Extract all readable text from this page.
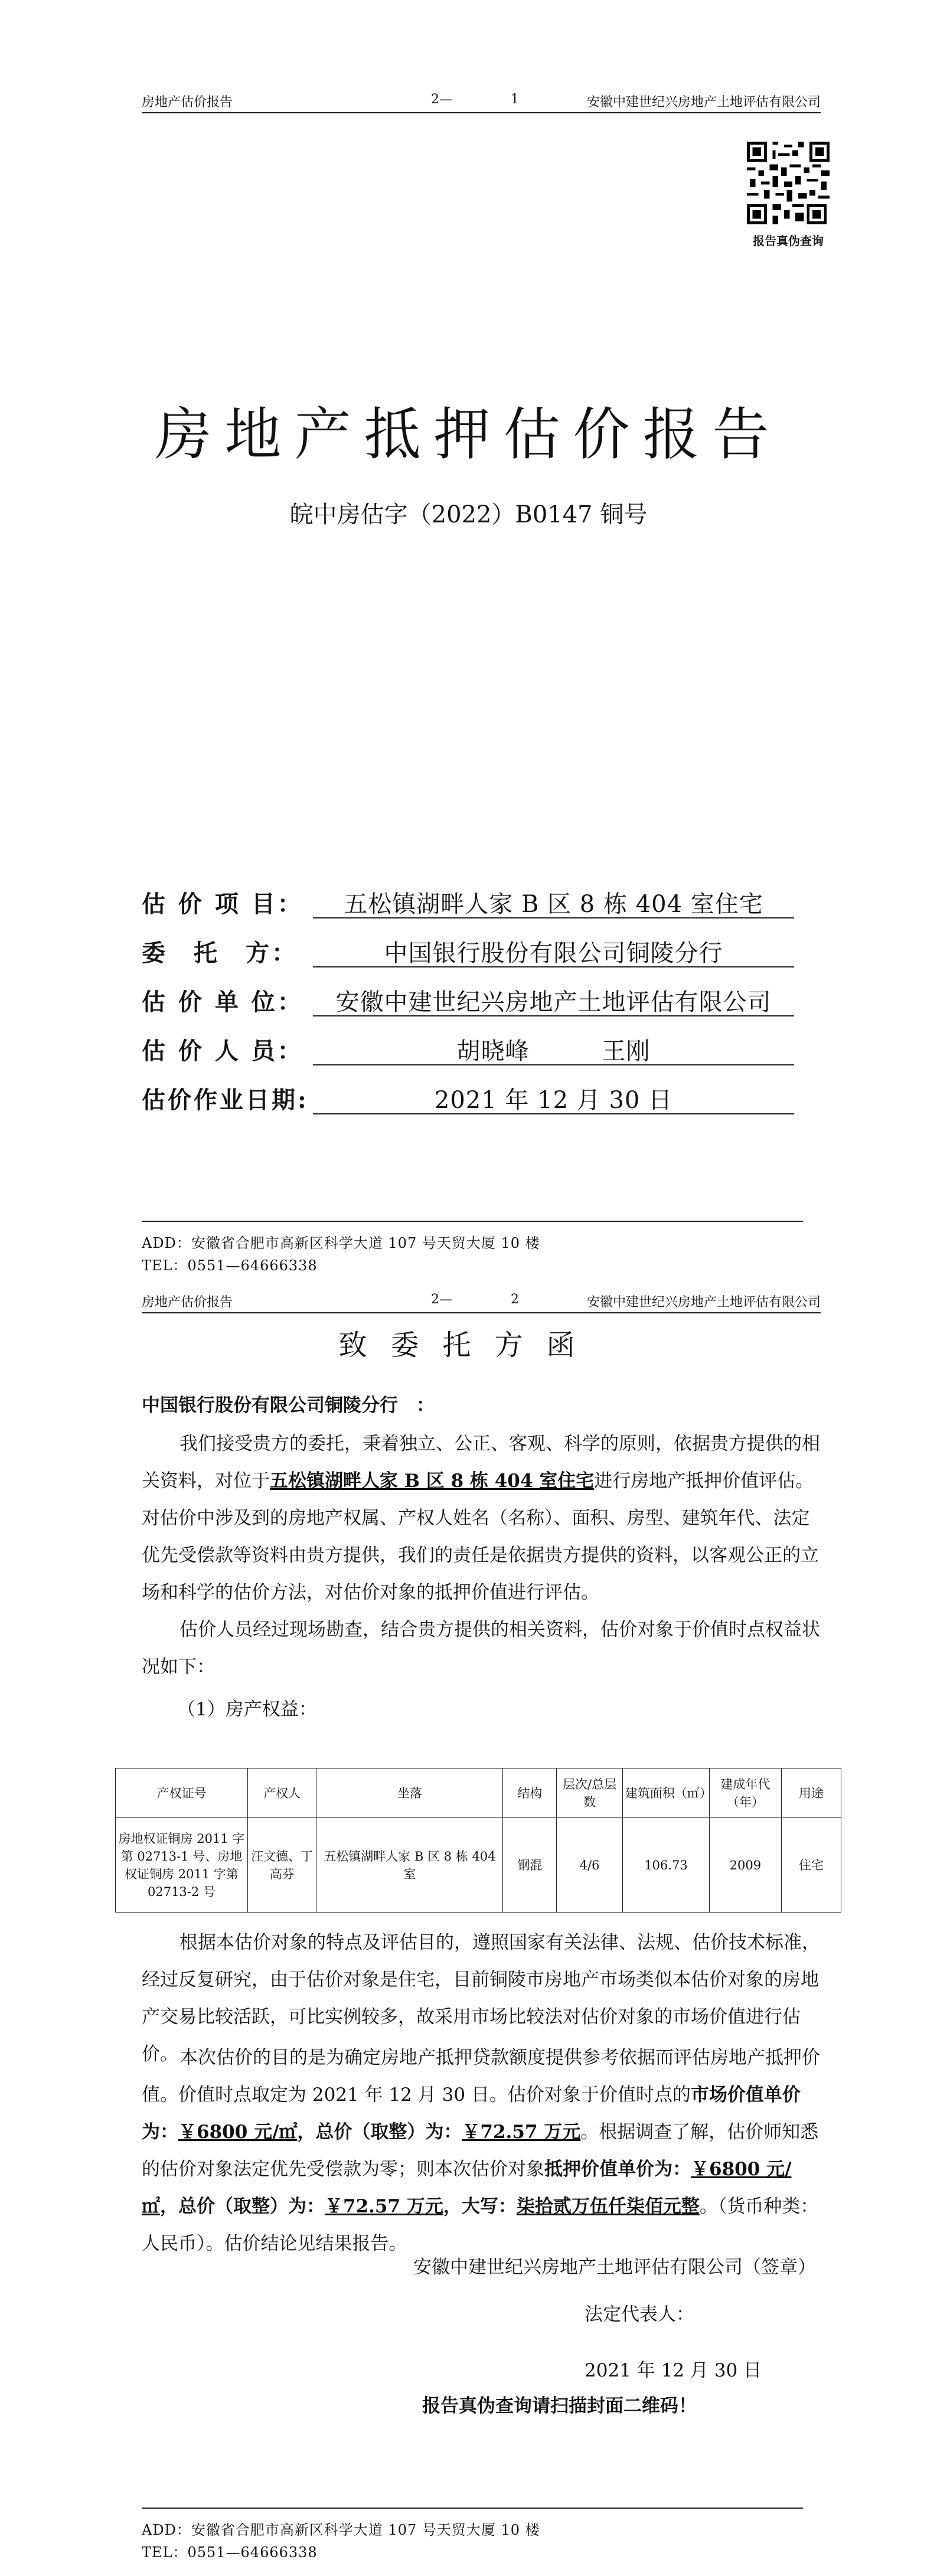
房地产估价报告	2—	1	安徽中建世纪兴房地产土地评估有限公司
报告真伪查询
房地产抵押估价报告
皖中房估字（2022）B0147 铜号
估 价 项 目：	五松镇湖畔人家 B 区 8 栋 404 室住宅
委　托　方：	中国银行股份有限公司铜陵分行
估 价 单 位：	安徽中建世纪兴房地产土地评估有限公司
估 价 人 员：	胡晓峰　　　王刚
估价作业日期:	2021 年 12 月 30 日
ADD：安徽省合肥市高新区科学大道 107 号天贸大厦 10 楼
TEL：0551—64666338
房地产估价报告	2—	2	安徽中建世纪兴房地产土地评估有限公司
致委托方函
中国银行股份有限公司铜陵分行　：
我们接受贵方的委托，秉着独立、公正、客观、科学的原则，依据贵方提供的相关资料，对位于五松镇湖畔人家 B 区 8 栋 404 室住宅进行房地产抵押价值评估。对估价中涉及到的房地产权属、产权人姓名（名称）、面积、房型、建筑年代、法定优先受偿款等资料由贵方提供，我们的责任是依据贵方提供的资料，以客观公正的立场和科学的估价方法，对估价对象的抵押价值进行评估。
估价人员经过现场勘查，结合贵方提供的相关资料，估价对象于价值时点权益状况如下：
（1）房产权益：
产权证号	产权人	坐落	结构	层次/总层数	建筑面积（㎡）	建成年代（年）	用途
房地权证铜房 2011 字第 02713-1 号、房地权证铜房 2011 字第 02713-2 号	汪文德、丁高芬	五松镇湖畔人家 B 区 8 栋 404 室	钢混	4/6	106.73	2009	住宅
根据本估价对象的特点及评估目的，遵照国家有关法律、法规、估价技术标准，经过反复研究，由于估价对象是住宅，目前铜陵市房地产市场类似本估价对象的房地产交易比较活跃，可比实例较多，故采用市场比较法对估价对象的市场价值进行估价。 本次估价的目的是为确定房地产抵押贷款额度提供参考依据而评估房地产抵押价值。价值时点取定为 2021 年 12 月 30 日。估价对象于价值时点的市场价值单价为：￥6800 元/㎡，总价（取整）为：￥72.57 万元。根据调查了解，估价师知悉的估价对象法定优先受偿款为零；则本次估价对象抵押价值单价为：￥6800 元/㎡，总价（取整）为：￥72.57 万元，大写：柒拾贰万伍仟柒佰元整。（货币种类：人民币）。估价结论见结果报告。
安徽中建世纪兴房地产土地评估有限公司（签章）
法定代表人：
2021 年 12 月 30 日
报告真伪查询请扫描封面二维码！
ADD：安徽省合肥市高新区科学大道 107 号天贸大厦 10 楼
TEL：0551—64666338
